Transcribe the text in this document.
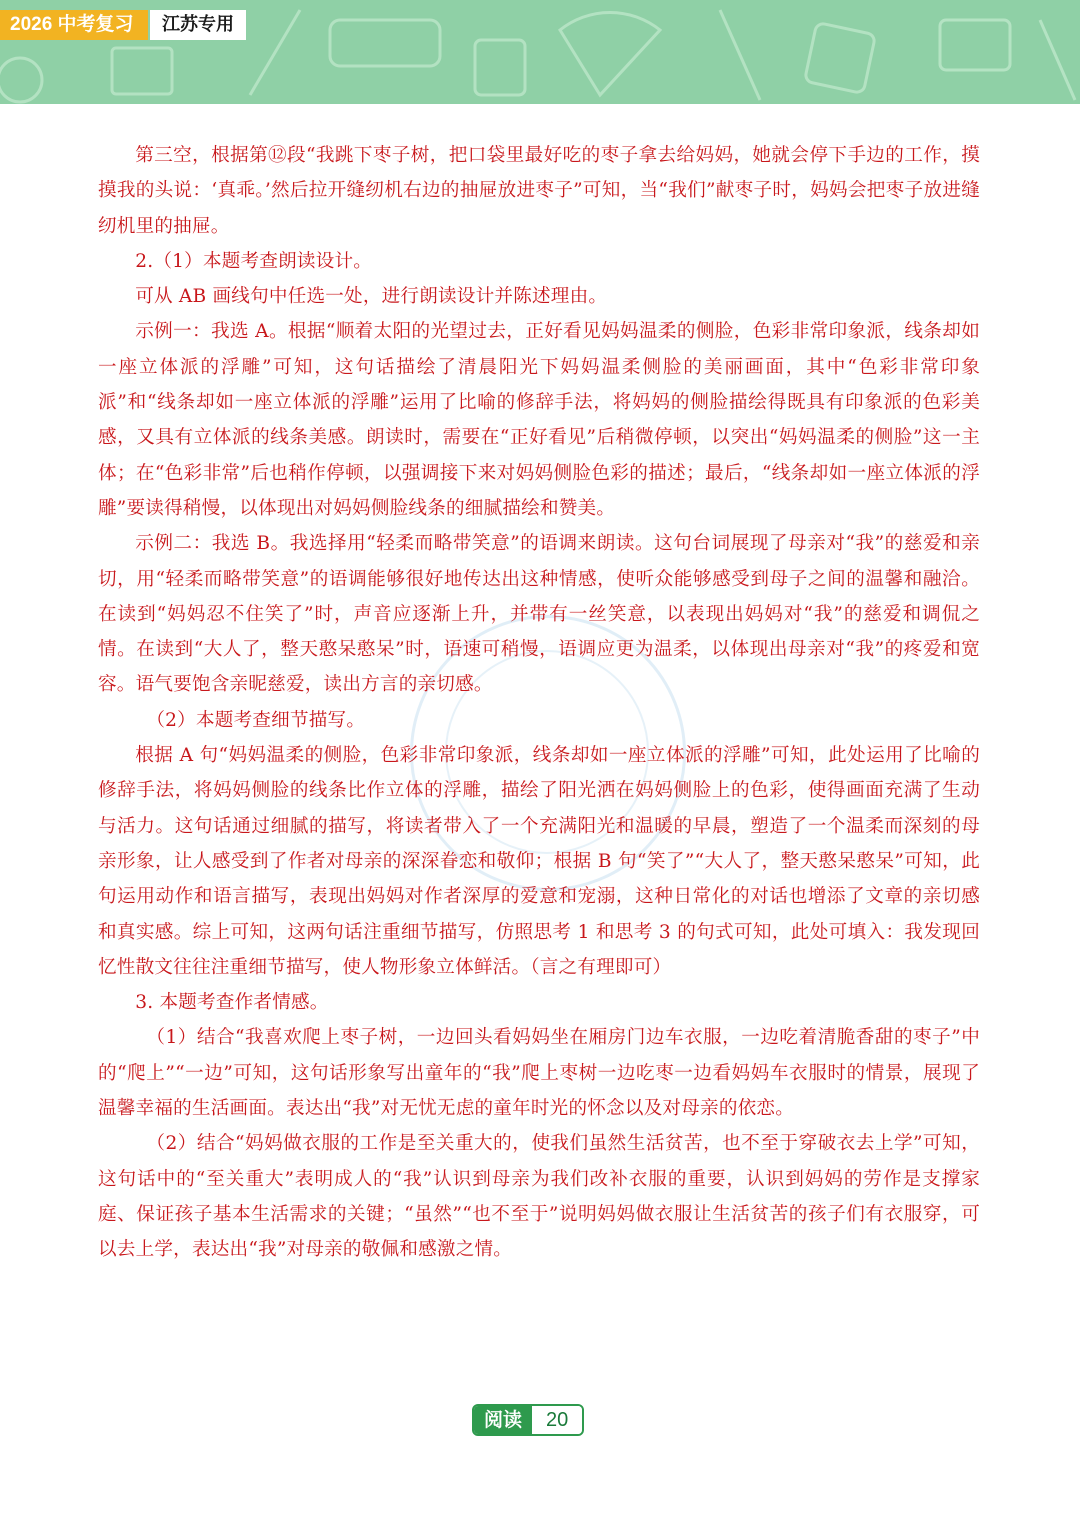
2026 中考复习	江苏专用

第三空，根据第⑫段“我跳下枣子树，把口袋里最好吃的枣子拿去给妈妈，她就会停下手边的工作，摸摸我的头说：‘真乖。’然后拉开缝纫机右边的抽屉放进枣子”可知，当“我们”献枣子时，妈妈会把枣子放进缝纫机里的抽屉。

2.（1）本题考查朗读设计。

可从 AB 画线句中任选一处，进行朗读设计并陈述理由。

示例一：我选 A。根据“顺着太阳的光望过去，正好看见妈妈温柔的侧脸，色彩非常印象派，线条却如一座立体派的浮雕”可知，这句话描绘了清晨阳光下妈妈温柔侧脸的美丽画面，其中“色彩非常印象派”和“线条却如一座立体派的浮雕”运用了比喻的修辞手法，将妈妈的侧脸描绘得既具有印象派的色彩美感，又具有立体派的线条美感。朗读时，需要在“正好看见”后稍微停顿，以突出“妈妈温柔的侧脸”这一主体；在“色彩非常”后也稍作停顿，以强调接下来对妈妈侧脸色彩的描述；最后，“线条却如一座立体派的浮雕”要读得稍慢，以体现出对妈妈侧脸线条的细腻描绘和赞美。

示例二：我选 B。我选择用“轻柔而略带笑意”的语调来朗读。这句台词展现了母亲对“我”的慈爱和亲切，用“轻柔而略带笑意”的语调能够很好地传达出这种情感，使听众能够感受到母子之间的温馨和融洽。 在读到“妈妈忍不住笑了”时，声音应逐渐上升，并带有一丝笑意，以表现出妈妈对“我”的慈爱和调侃之情。在读到“大人了，整天憨呆憨呆”时，语速可稍慢，语调应更为温柔，以体现出母亲对“我”的疼爱和宽容。语气要饱含亲昵慈爱，读出方言的亲切感。

（2）本题考查细节描写。

根据 A 句“妈妈温柔的侧脸，色彩非常印象派，线条却如一座立体派的浮雕”可知，此处运用了比喻的修辞手法，将妈妈侧脸的线条比作立体的浮雕，描绘了阳光洒在妈妈侧脸上的色彩，使得画面充满了生动与活力。这句话通过细腻的描写，将读者带入了一个充满阳光和温暖的早晨，塑造了一个温柔而深刻的母亲形象，让人感受到了作者对母亲的深深眷恋和敬仰；根据 B 句“笑了”“大人了，整天憨呆憨呆”可知，此句运用动作和语言描写，表现出妈妈对作者深厚的爱意和宠溺，这种日常化的对话也增添了文章的亲切感和真实感。综上可知，这两句话注重细节描写，仿照思考 1 和思考 3 的句式可知，此处可填入：我发现回忆性散文往往注重细节描写，使人物形象立体鲜活。（言之有理即可）

3. 本题考查作者情感。

（1）结合“我喜欢爬上枣子树，一边回头看妈妈坐在厢房门边车衣服，一边吃着清脆香甜的枣子”中的“爬上”“一边”可知，这句话形象写出童年的“我”爬上枣树一边吃枣一边看妈妈车衣服时的情景，展现了温馨幸福的生活画面。表达出“我”对无忧无虑的童年时光的怀念以及对母亲的依恋。

（2）结合“妈妈做衣服的工作是至关重大的，使我们虽然生活贫苦，也不至于穿破衣去上学”可知，这句话中的“至关重大”表明成人的“我”认识到母亲为我们改补衣服的重要，认识到妈妈的劳作是支撑家庭、保证孩子基本生活需求的关键；“虽然”“也不至于”说明妈妈做衣服让生活贫苦的孩子们有衣服穿，可以去上学，表达出“我”对母亲的敬佩和感激之情。

阅读	20
